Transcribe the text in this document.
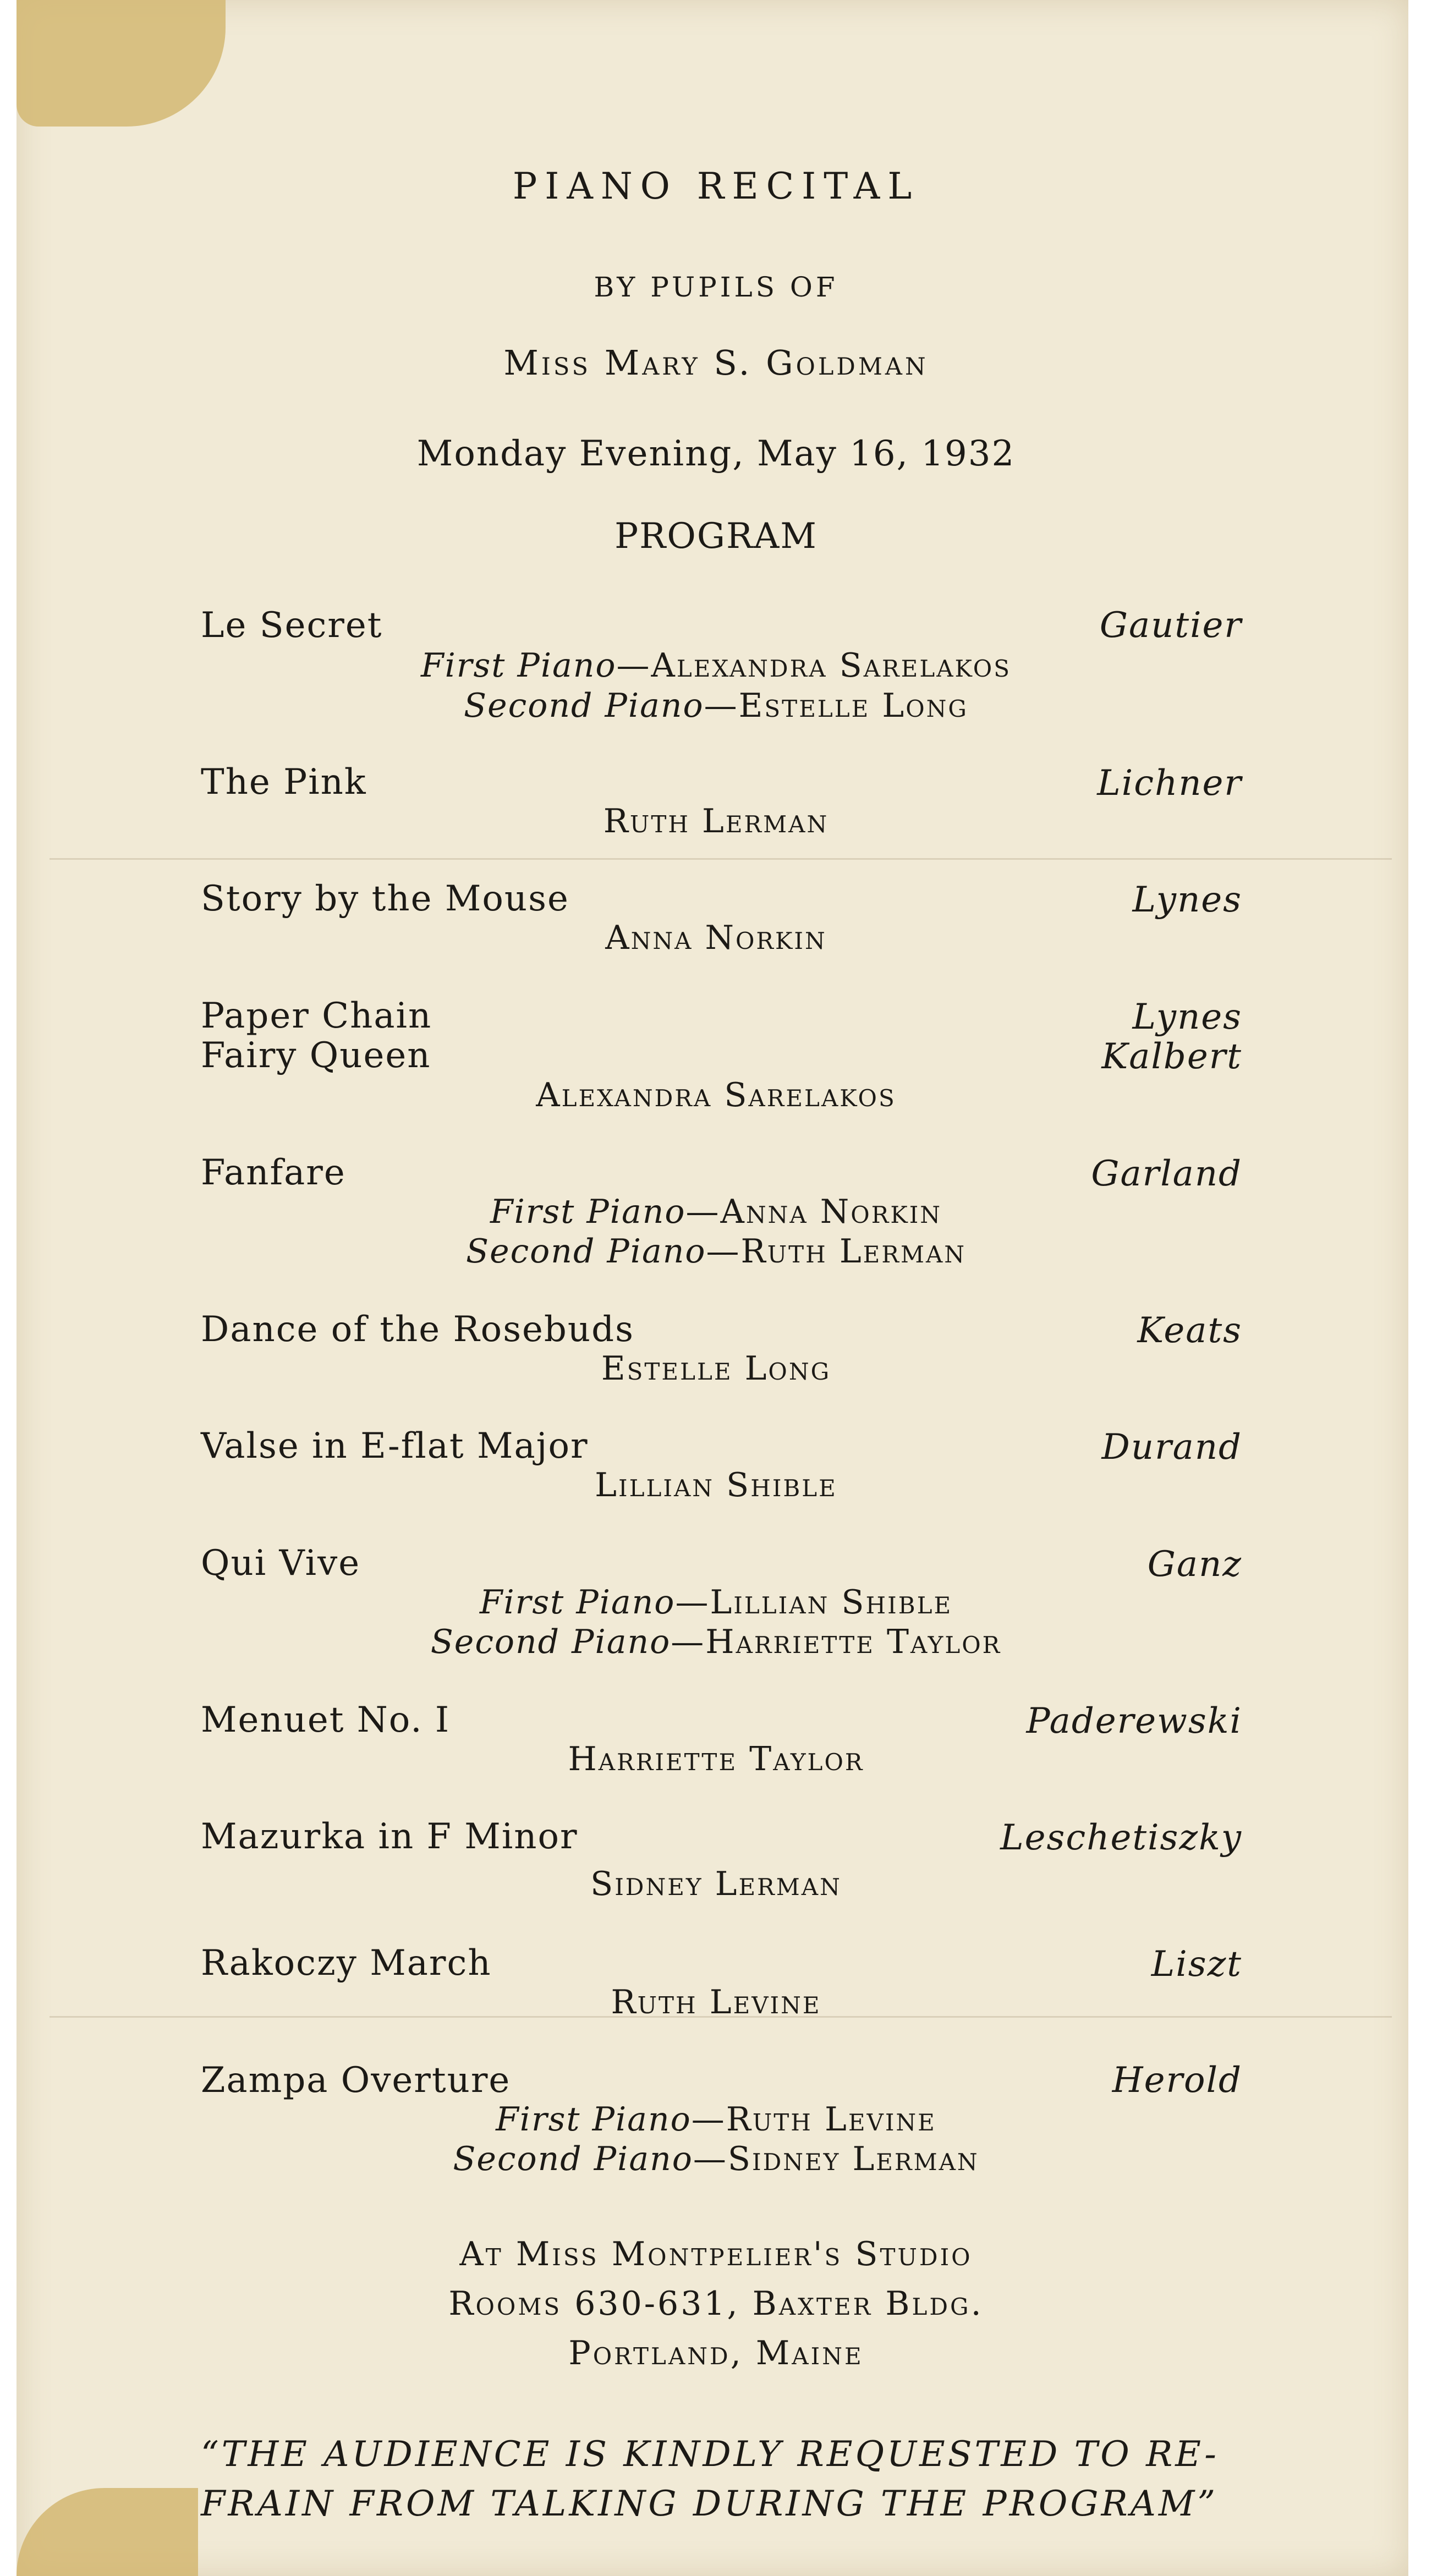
PIANO RECITAL
BY PUPILS OF
Miss Mary S. Goldman
Monday Evening, May 16, 1932
PROGRAM
Le Secret	Gautier
First Piano—Alexandra Sarelakos
Second Piano—Estelle Long
The Pink	Lichner
Ruth Lerman
Story by the Mouse	Lynes
Anna Norkin
Paper Chain	Lynes
Fairy Queen	Kalbert
Alexandra Sarelakos
Fanfare	Garland
First Piano—Anna Norkin
Second Piano—Ruth Lerman
Dance of the Rosebuds	Keats
Estelle Long
Valse in E-flat Major	Durand
Lillian Shible
Qui Vive	Ganz
First Piano—Lillian Shible
Second Piano—Harriette Taylor
Menuet No. I	Paderewski
Harriette Taylor
Mazurka in F Minor	Leschetiszky
Sidney Lerman
Rakoczy March	Liszt
Ruth Levine
Zampa Overture	Herold
First Piano—Ruth Levine
Second Piano—Sidney Lerman
At Miss Montpelier's Studio
Rooms 630-631, Baxter Bldg.
Portland, Maine
“THE AUDIENCE IS KINDLY REQUESTED TO RE-
FRAIN FROM TALKING DURING THE PROGRAM”
